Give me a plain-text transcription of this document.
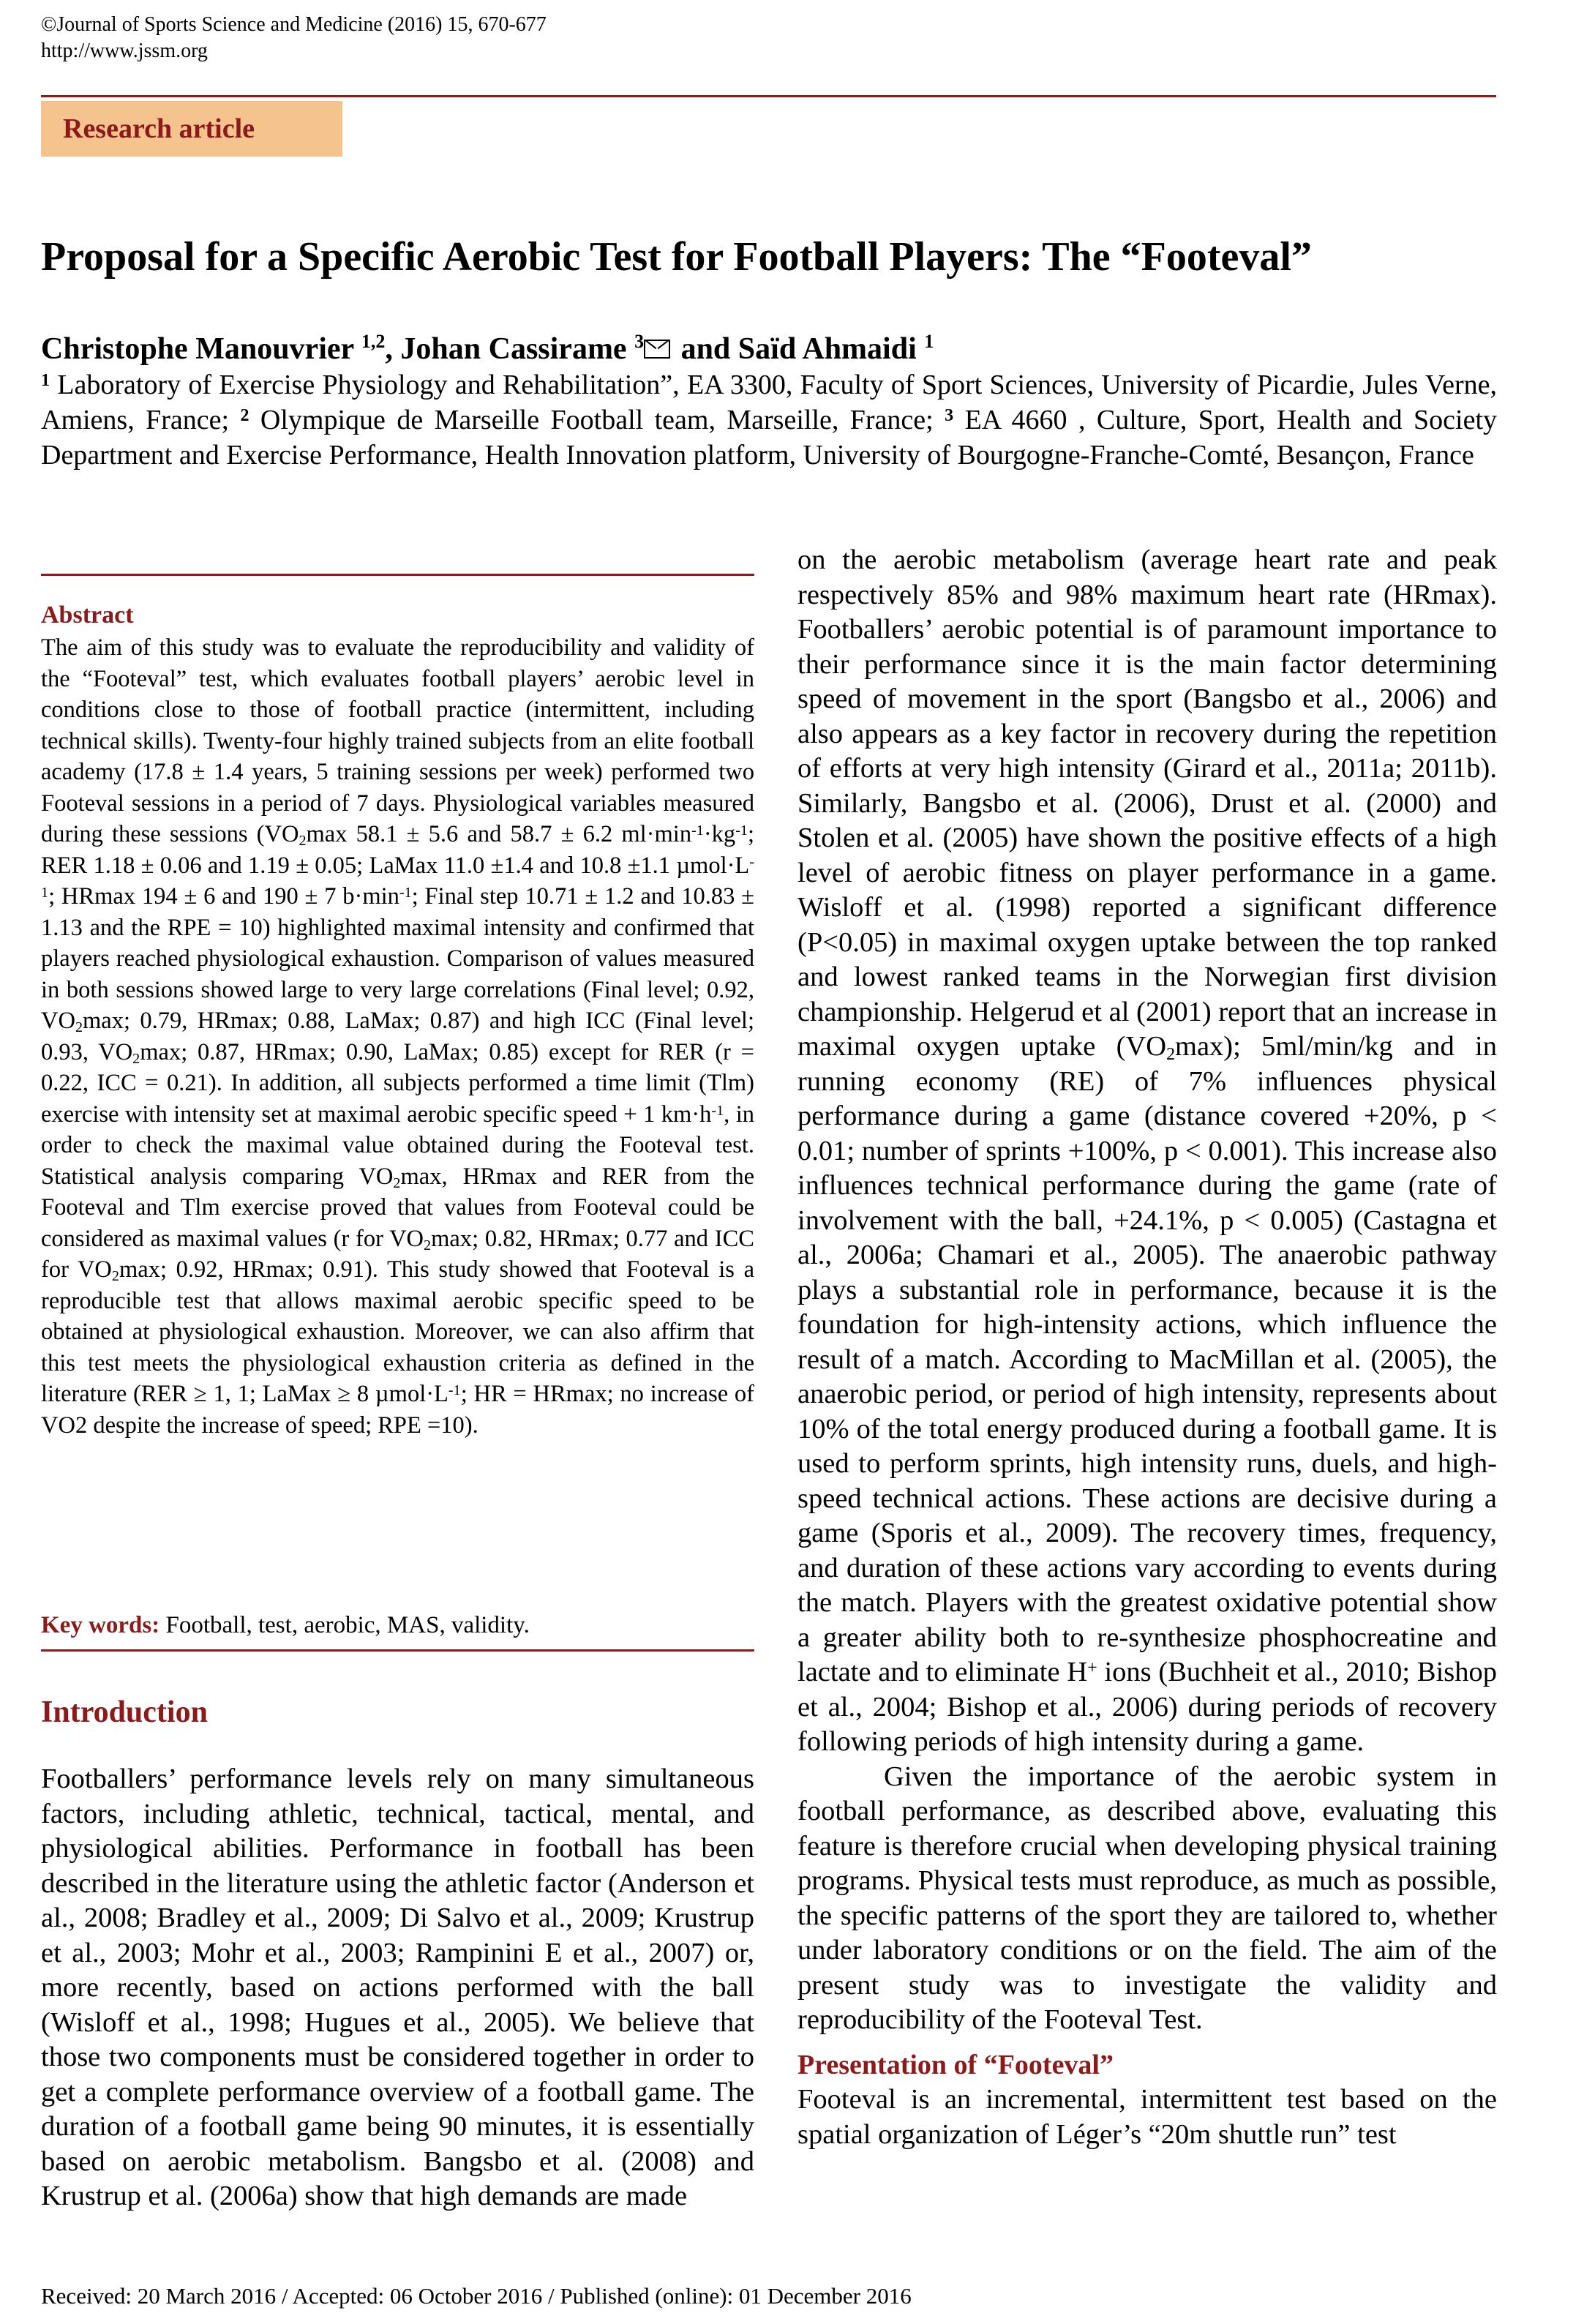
©Journal of Sports Science and Medicine (2016) 15, 670-677
http://www.jssm.org
Research article
Proposal for a Specific Aerobic Test for Football Players: The “Footeval”
Christophe Manouvrier $^{1,2}$, Johan Cassirame $^3$ and Saïd Ahmaidi $^1$

$^1$ Laboratory of Exercise Physiology and Rehabilitation”, EA 3300, Faculty of Sport Sciences, University of Picardie, Jules Verne, Amiens, France; $^2$ Olympique de Marseille Football team, Marseille, France; $^3$ EA 4660 , Culture, Sport, Health and Society Department and Exercise Performance, Health Innovation platform, University of Bourgogne-Franche-Comté, Besançon, France

Abstract

The aim of this study was to evaluate the reproducibility and validity of the “Footeval” test, which evaluates football players’ aerobic level in conditions close to those of football practice (intermittent, including technical skills). Twenty-four highly trained subjects from an elite football academy (17.8 ± 1.4 years, 5 training sessions per week) performed two Footeval sessions in a period of 7 days. Physiological variables measured during these sessions ($VO_2\max$ 58.1 ± 5.6 and 58.7 ± 6.2 $ml\cdot\min^{-1}\cdot kg^{-1}$; RER 1.18 ± 0.06 and 1.19 ± 0.05; LaMax 11.0 ±1.4 and 10.8 ±1.1 $\mu mol\cdot L^{-1}$; HRmax 194 ± 6 and 190 ± 7 $b\cdot\min^{-1}$; Final step 10.71 ± 1.2 and 10.83 ± 1.13 and the RPE = 10) highlighted maximal intensity and confirmed that players reached physiological exhaustion. Comparison of values measured in both sessions showed large to very large correlations (Final level; 0.92, $VO_2\max$; 0.79, HRmax; 0.88, LaMax; 0.87) and high ICC (Final level; 0.93, $VO_2\max$; 0.87, HRmax; 0.90, LaMax; 0.85) except for RER (r = 0.22, ICC = 0.21). In addition, all subjects performed a time limit (Tlm) exercise with intensity set at maximal aerobic specific speed + 1 $km\cdot h^{-1}$, in order to check the maximal value obtained during the Footeval test. Statistical analysis comparing $VO_2\max$, HRmax and RER from the Footeval and Tlm exercise proved that values from Footeval could be considered as maximal values (r for $VO_2\max$; 0.82, HRmax; 0.77 and ICC for $VO_2\max$; 0.92, HRmax; 0.91). This study showed that Footeval is a reproducible test that allows maximal aerobic specific speed to be obtained at physiological exhaustion. Moreover, we can also affirm that this test meets the physiological exhaustion criteria as defined in the literature (RER ≥ 1, 1; LaMax ≥ 8 $\mu mol\cdot L^{-1}$; HR = HRmax; no increase of VO2 despite the increase of speed; RPE =10).

Key words: Football, test, aerobic, MAS, validity.
Introduction

Footballers’ performance levels rely on many simultaneous factors, including athletic, technical, tactical, mental, and physiological abilities. Performance in football has been described in the literature using the athletic factor (Anderson et al., 2008; Bradley et al., 2009; Di Salvo et al., 2009; Krustrup et al., 2003; Mohr et al., 2003; Rampinini E et al., 2007) or, more recently, based on actions performed with the ball (Wisloff et al., 1998; Hugues et al., 2005). We believe that those two components must be considered together in order to get a complete performance overview of a football game. The duration of a football game being 90 minutes, it is essentially based on aerobic metabolism. Bangsbo et al. (2008) and Krustrup et al. (2006a) show that high demands are made

on the aerobic metabolism (average heart rate and peak respectively 85% and 98% maximum heart rate (HRmax). Footballers’ aerobic potential is of paramount importance to their performance since it is the main factor determining speed of movement in the sport (Bangsbo et al., 2006) and also appears as a key factor in recovery during the repetition of efforts at very high intensity (Girard et al., 2011a; 2011b). Similarly, Bangsbo et al. (2006), Drust et al. (2000) and Stolen et al. (2005) have shown the positive effects of a high level of aerobic fitness on player performance in a game. Wisloff et al. (1998) reported a significant difference (P<0.05) in maximal oxygen uptake between the top ranked and lowest ranked teams in the Norwegian first division championship. Helgerud et al (2001) report that an increase in maximal oxygen uptake $(VO_2\max)$; 5ml/min/kg and in running economy (RE) of 7% influences physical performance during a game (distance covered +20%, p < 0.01; number of sprints +100%, p < 0.001). This increase also influences technical performance during the game (rate of involvement with the ball, +24.1%, p < 0.005) (Castagna et al., 2006a; Chamari et al., 2005). The anaerobic pathway plays a substantial role in performance, because it is the foundation for high-intensity actions, which influence the result of a match. According to MacMillan et al. (2005), the anaerobic period, or period of high intensity, represents about 10% of the total energy produced during a football game. It is used to perform sprints, high intensity runs, duels, and high-speed technical actions. These actions are decisive during a game (Sporis et al., 2009). The recovery times, frequency, and duration of these actions vary according to events during the match. Players with the greatest oxidative potential show a greater ability both to re-synthesize phosphocreatine and lactate and to eliminate H+ ions (Buchheit et al., 2010; Bishop et al., 2004; Bishop et al., 2006) during periods of recovery following periods of high intensity during a game.

Given the importance of the aerobic system in football performance, as described above, evaluating this feature is therefore crucial when developing physical training programs. Physical tests must reproduce, as much as possible, the specific patterns of the sport they are tailored to, whether under laboratory conditions or on the field. The aim of the present study was to investigate the validity and reproducibility of the Footeval Test.

Presentation of “Footeval”

Footeval is an incremental, intermittent test based on the spatial organization of Léger’s “20m shuttle run” test

Received: 20 March 2016 / Accepted: 06 October 2016 / Published (online): 01 December 2016
